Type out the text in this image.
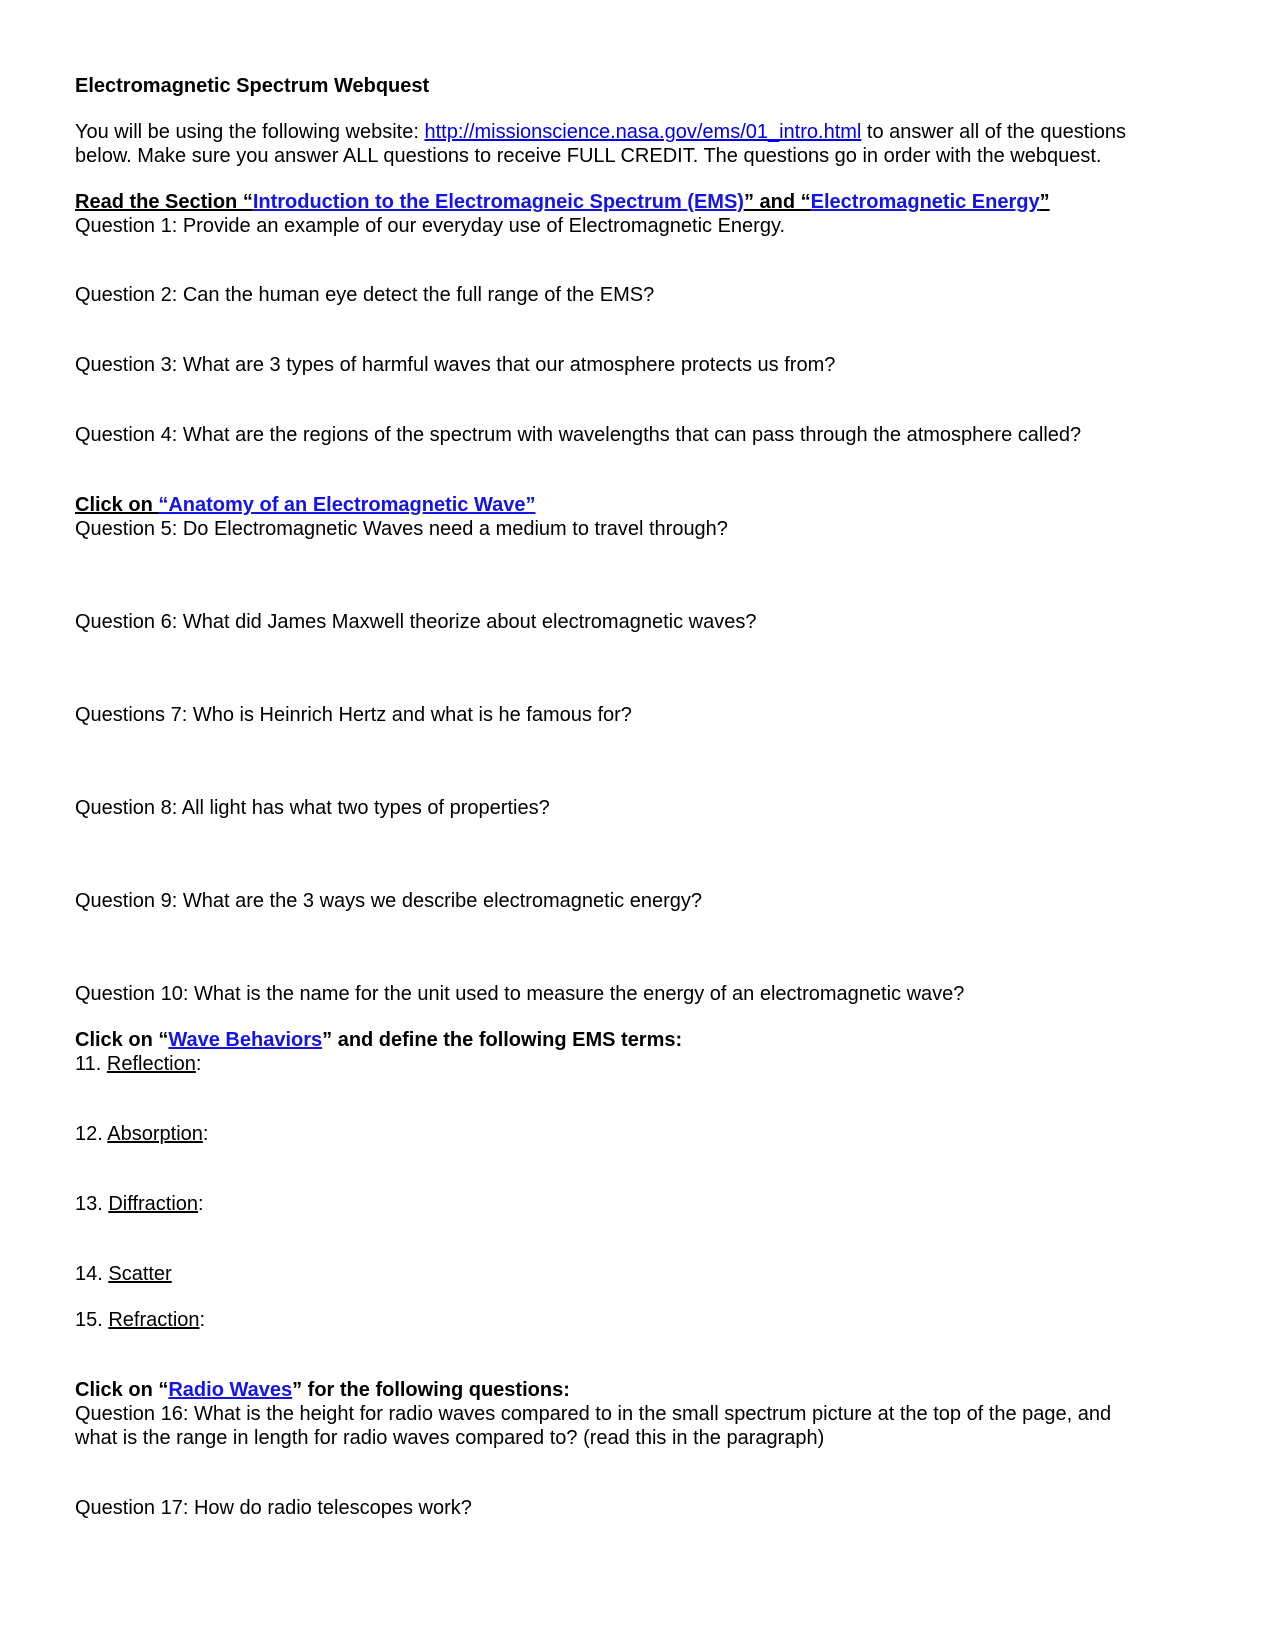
Electromagnetic Spectrum Webquest
You will be using the following website: http://missionscience.nasa.gov/ems/01_intro.html to answer all of the questions
below. Make sure you answer ALL questions to receive FULL CREDIT. The questions go in order with the webquest.
Read the Section “Introduction to the Electromagneic Spectrum (EMS)” and “Electromagnetic Energy”
Question 1: Provide an example of our everyday use of Electromagnetic Energy.
Question 2: Can the human eye detect the full range of the EMS?
Question 3: What are 3 types of harmful waves that our atmosphere protects us from?
Question 4: What are the regions of the spectrum with wavelengths that can pass through the atmosphere called?
Click on “Anatomy of an Electromagnetic Wave”
Question 5: Do Electromagnetic Waves need a medium to travel through?
Question 6: What did James Maxwell theorize about electromagnetic waves?
Questions 7: Who is Heinrich Hertz and what is he famous for?
Question 8: All light has what two types of properties?
Question 9: What are the 3 ways we describe electromagnetic energy?
Question 10: What is the name for the unit used to measure the energy of an electromagnetic wave?
Click on “Wave Behaviors” and define the following EMS terms:
11. Reflection:
12. Absorption:
13. Diffraction:
14. Scatter
15. Refraction:
Click on “Radio Waves” for the following questions:
Question 16: What is the height for radio waves compared to in the small spectrum picture at the top of the page, and
what is the range in length for radio waves compared to? (read this in the paragraph)
Question 17: How do radio telescopes work?
